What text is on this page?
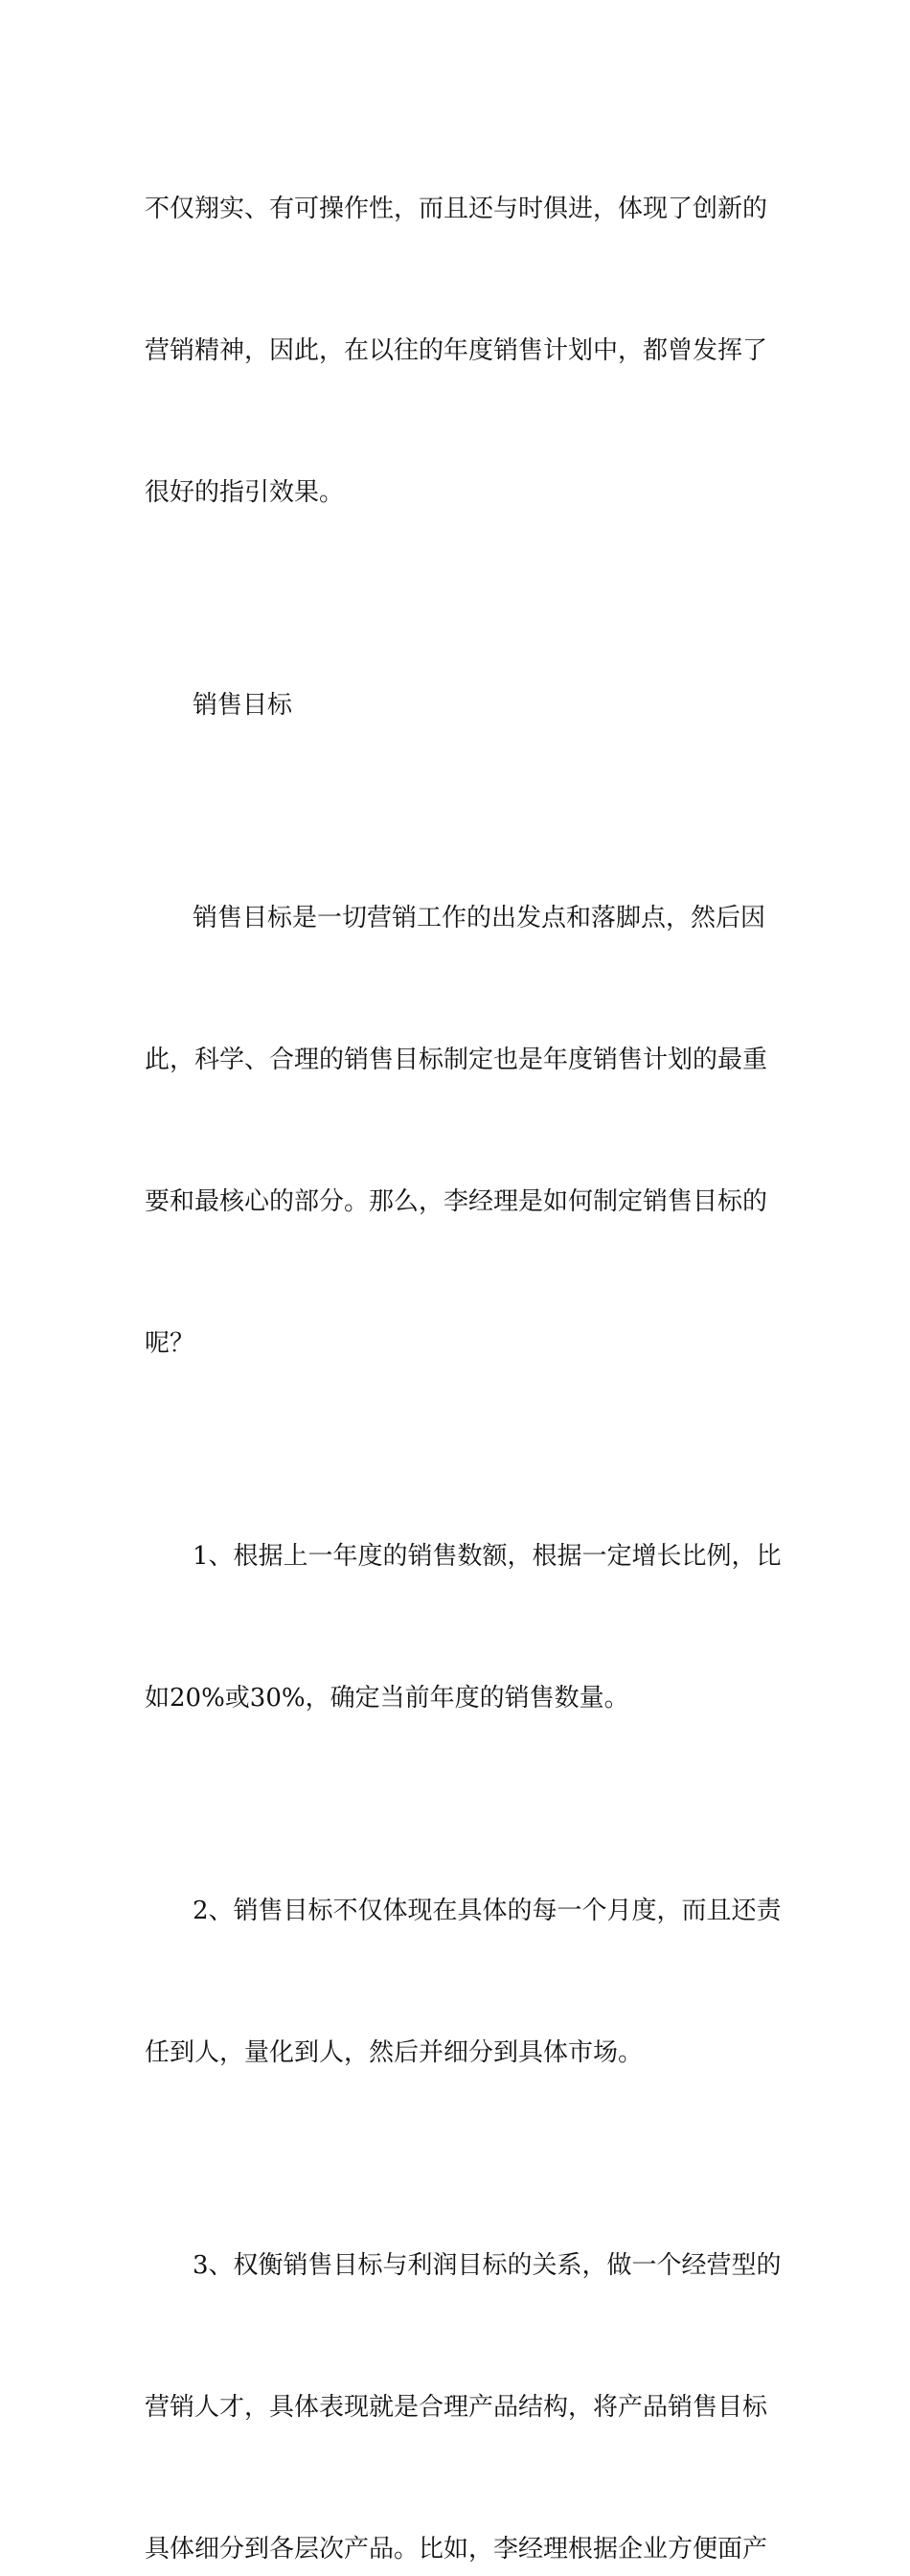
不仅翔实、有可操作性，而且还与时俱进，体现了创新的

营销精神，因此，在以往的年度销售计划中，都曾发挥了

很好的指引效果。

销售目标

销售目标是一切营销工作的出发点和落脚点，然后因

此，科学、合理的销售目标制定也是年度销售计划的最重

要和最核心的部分。那么，李经理是如何制定销售目标的

呢？

1、根据上一年度的销售数额，根据一定增长比例，比

如20%或30%，确定当前年度的销售数量。

2、销售目标不仅体现在具体的每一个月度，而且还责

任到人，量化到人，然后并细分到具体市场。

3、权衡销售目标与利润目标的关系，做一个经营型的

营销人才，具体表现就是合理产品结构，将产品销售目标

具体细分到各层次产品。比如，李经理根据企业方便面产
